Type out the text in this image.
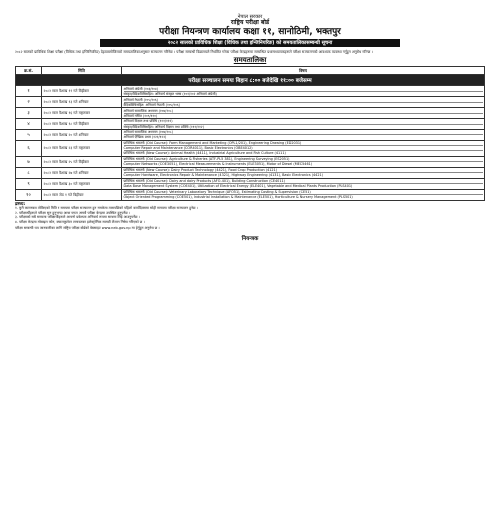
नेपाल सरकार
राष्ट्रिय परीक्षा बोर्ड
परीक्षा नियन्त्रण कार्यालय कक्षा ११, सानोठिमी, भक्तपुर
२०८२ सालको प्राविधिक शिक्षा (विधिक तथा इन्जिनियरिङ) को समयतालिकासम्बन्धी सूचना
२०८२ सालको प्राविधिक शिक्षा परीक्षा (विधिक तथा इन्जिनियरिङ) देहायबमोजिमको समयतालिकाअनुसार सञ्चालन गरिनेछ । परीक्षा सम्बन्धी विद्यालयले निर्धारित गरेका परीक्षा केन्द्रहरूमा सम्बन्धित प्रधानाध्यापकहरूले परीक्षा सञ्चालनको आवश्यक व्यवस्था गर्नुहुन अनुरोध गरिन्छ ।
समयतालिका
क्र.सं.	मिति	विषय
परीक्षा सञ्चालन समयः बिहान ८:०० बजेदेखि ११:०० बजेसम्म		
१	२०८२ साल वैशाख ११ गते बिहीबार	अनिवार्य अंग्रेजी (१०३/१०४)
संस्कृत/वैदिकविधिसहित: अनिवार्य संस्कृत भाषा (१०१/१०२ अनिवार्य अंग्रेजी)

२	२०८२ साल वैशाख १३ गते शनिबार	अनिवार्य नेपाली (१०५/१०६)
वैदिकविधिसहित: अनिवार्य नेपाली (१०५/१०६)

३	२०८२ साल वैशाख १६ गते मङ्गलबार	अनिवार्य सामाजिक अध्ययन (१०७/१०८)
अनिवार्य गणित (१०९/११०)

४	२०८२ साल वैशाख १८ गते बिहीबार	अनिवार्य विज्ञान तथा प्रविधि (१११/११२)
संस्कृत/वैदिकविधिसहित: अनिवार्य विज्ञान तथा प्रविधि (१११/११२)

५	२०८२ साल वैशाख २० गते शनिबार	अनिवार्य सामाजिक अध्ययन (१०७/१०८)
अनिवार्य ऐच्छिक प्रथम (१२१/१२२)

६	२०८२ साल वैशाख २३ गते मङ्गलबार	प्राविधिक धारतर्फ (Old Course): Farm Management and Marketing (OPL1/201), Engineering Drawing (ED2031)
Computer Repair and Maintenance (COR4011), Basic Electronics (OBE4012)
प्राविधिक धारतर्फ (New Course): Animal Health (4411), Industrial Agriculture and Fish Culture (4111)

७	२०८२ साल वैशाख २५ गते बिहीबार	प्राविधिक धारतर्फ (Old Course): Agriculture & Fisheries (ATF-PL5 381), Engineering Surveying (ES2051)
Computer Networks (COE3051), Electrical Measurements & Instruments (ELE3051), Motor of Diesel (MEC5461)

८	२०८२ साल वैशाख २७ गते शनिबार	प्राविधिक धारतर्फ (New Course): Dairy Product Technology (4421), Food Crop Production (4121)
Computer Hardware, Electronics Repair & Maintenance (4321), Highway Engineering (4131), Basic Electronics (4421)

९	२०८२ साल वैशाख ३० गते मङ्गलबार	प्राविधिक धारतर्फ (Old Course): Dairy and dairy Products (AFO-401), Building Construction (CE4011)
Data Base Management System (COE401), Utilization of Electrical Energy (ELE401), Vegetable and Medical Plants Production (PLS401)

१०	२०८२ साल जेठ १ गते बिहीबार	प्राविधिक धारतर्फ (Old Course): Veterinary Laboratory Technique (AFO51), Estimating Costing & Supervision (CE51)
Object Oriented Programming (COE501), Industrial Installation & Maintenance (ELE501), Horticulture & Nursery Management (PLS501)
द्रष्टव्य:
१. कुनै कारणवश तोकिएको मिति र समयमा परीक्षा सञ्चालन हुन नसकेमा त्यसपछिको पहिलो कार्यदिवसमा सोही समयमा परीक्षा सञ्चालन हुनेछ ।
२. परीक्षार्थीहरूले परीक्षा सुरु हुनुभन्दा आधा घण्टा अगावै परीक्षा केन्द्रमा उपस्थित हुनुपर्नेछ ।
३. परीक्षाको सबै समयमा परीक्षार्थीहरूले आफ्नो प्रवेशपत्र अनिवार्य रूपमा साथमा लिई आउनुपर्नेछ ।
४. परीक्षा केन्द्रमा मोबाइल फोन, क्यालकुलेटर लगायतका इलेक्ट्रोनिक सामग्री लैजान निषेध गरिएको छ ।
परीक्षा सम्बन्धी थप जानकारीका लागि राष्ट्रिय परीक्षा बोर्डको वेबसाइट www.neb.gov.np मा हेर्नुहुन अनुरोध छ ।
नियन्त्रक
